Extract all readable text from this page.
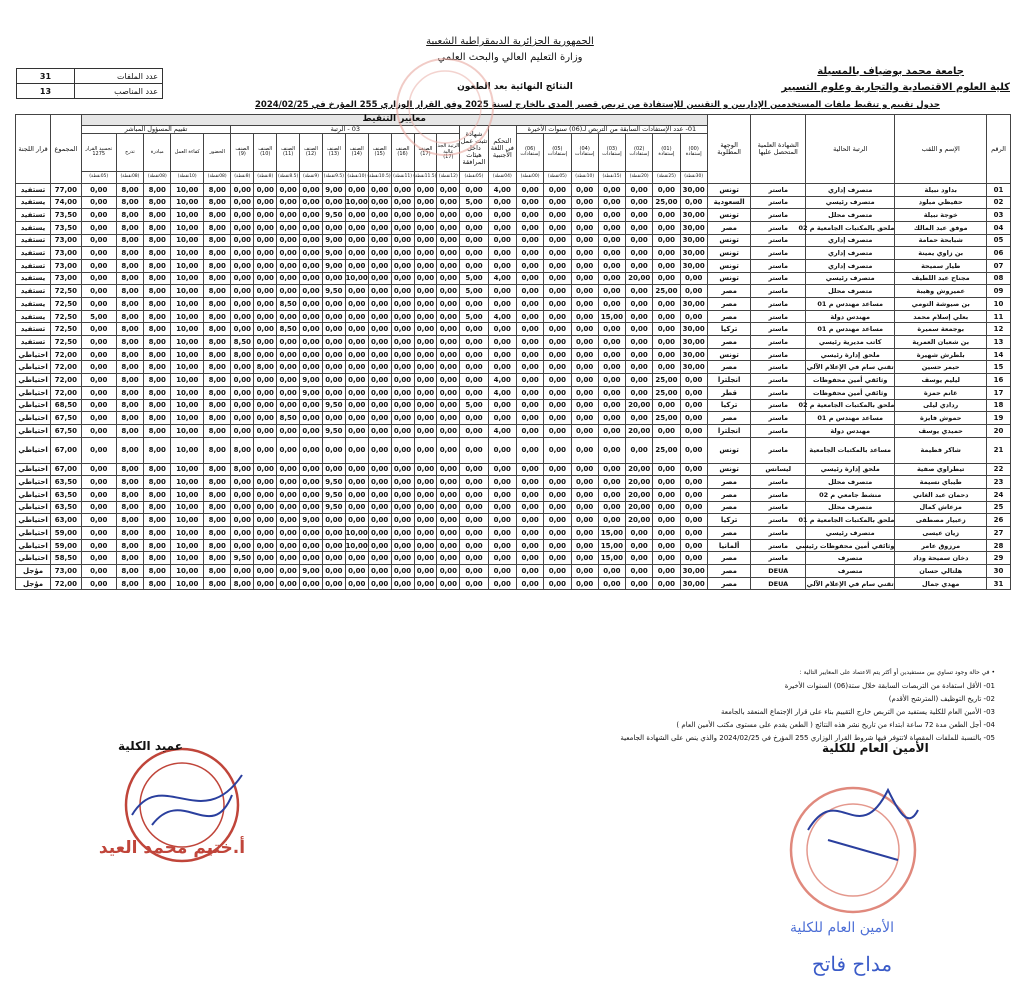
الجمهورية الجزائرية الديمقراطية الشعبية
وزارة التعليم العالي والبحث العلمي
جامعة محمد بوضياف بالمسيلة
كلية العلوم الاقتصادية والتجارية وعلوم التسيير
النتائج النهائية بعد الطعون
جدول تقييم و تنقيط ملفات المستخدمين الإداريين و التقنيين للإستفادة من تربص قصير المدى بالخارج لسنة 2025 وفق القرار الوزاري 255 المؤرخ في 2024/02/25
31	عدد الملفات
13	عدد المناصب
الرقم	الإسم و اللقب	الرتبة الحالية	الشهادة العلمية المتحصل عليها	الوجهة المطلوبة	معايير التنقيط																								المجموع	قرار اللجنة
					01- عدد الإستفادات السابقة من التربص لـ(06) سنوات الأخيرة							التحكم في اللغة الأجنبية	شهادة تثبت عمل داخل هيئات المرافقة	03 - الرتبة										تقييم المسؤول المباشر						
					(00) إستفادة	(01) إستفادة	(02) إستفادات	(03) إستفادات	(04) إستفادات	(05) إستفادات	(06) إستفادات			الرتبة الجد عالية (17)	الصنف (17)	الصنف (16)	الصنف (15)	الصنف (14)	الصنف (13)	الصنف (12)	الصنف (11)	الصنف (10)	الصنف (9)	الحضور	كفاءة العمل	مبادرة	تدرج	تجسيد القرار 1275		
					(30نقطة)	(25نقطة)	(20نقطة)	(15نقطة)	(10نقطة)	(05نقطة)	(00نقطة)	(04نقطة)	(05نقطة)	(12نقطة)	(11.5نقطة)	(11نقطة)	(10.5نقطة)	(10نقطة)	(9.5نقطة)	(9نقطة)	(8.5نقطة)	(8نقطة)	(8نقطة)	(08نقطة)	(10نقطة)	(08نقطة)	(08نقطة)	(05نقطة)		
01	بداود نبيلة	متصرف إداري	ماستر	تونس	30,00	0,00	0,00	0,00	0,00	0,00	0,00	4,00	0,00	0,00	0,00	0,00	0,00	0,00	9,00	0,00	0,00	0,00	0,00	8,00	10,00	8,00	8,00	0,00	77,00	تستفيد
02	حفيظي مبلود	متصرف رئيسي	ماستر	السعودية	0,00	25,00	0,00	0,00	0,00	0,00	0,00	0,00	5,00	0,00	0,00	0,00	0,00	10,00	0,00	0,00	0,00	0,00	0,00	8,00	10,00	8,00	8,00	0,00	74,00	يستفيد
03	خوجة نبيلة	متصرف محلل	ماستر	تونس	30,00	0,00	0,00	0,00	0,00	0,00	0,00	0,00	0,00	0,00	0,00	0,00	0,00	0,00	9,50	0,00	0,00	0,00	0,00	8,00	10,00	8,00	8,00	0,00	73,50	تستفيد
04	موفق عبد المالك	ملحق بالمكتبات الجامعية م 02	ماستر	مصر	30,00	0,00	0,00	0,00	0,00	0,00	0,00	0,00	0,00	0,00	0,00	0,00	0,00	0,00	0,00	0,00	0,00	0,00	0,00	8,00	10,00	8,00	8,00	0,00	73,50	يستفيد
05	شبابحة حمامة	متصرف إداري	ماستر	تونس	30,00	0,00	0,00	0,00	0,00	0,00	0,00	0,00	0,00	0,00	0,00	0,00	0,00	0,00	9,00	0,00	0,00	0,00	0,00	8,00	10,00	8,00	8,00	0,00	73,00	تستفيد
06	بن زاوي يمينة	متصرف إداري	ماستر	تونس	30,00	0,00	0,00	0,00	0,00	0,00	0,00	0,00	0,00	0,00	0,00	0,00	0,00	0,00	9,00	0,00	0,00	0,00	0,00	8,00	10,00	8,00	8,00	0,00	73,00	تستفيد
07	طيار سميحة	متصرف إداري	ماستر	تونس	30,00	0,00	0,00	0,00	0,00	0,00	0,00	0,00	0,00	0,00	0,00	0,00	0,00	0,00	9,00	0,00	0,00	0,00	0,00	8,00	10,00	8,00	8,00	0,00	73,00	تستفيد
08	مجناح عبد اللطيف	متصرف رئيسي	ماستر	تونس	0,00	0,00	20,00	0,00	0,00	0,00	0,00	4,00	5,00	0,00	0,00	0,00	0,00	10,00	0,00	0,00	0,00	0,00	0,00	8,00	10,00	8,00	8,00	0,00	73,00	يستفيد
09	عميروش وهيبة	متصرف محلل	ماستر	مصر	0,00	25,00	0,00	0,00	0,00	0,00	0,00	0,00	5,00	0,00	0,00	0,00	0,00	0,00	9,50	0,00	0,00	0,00	0,00	8,00	10,00	8,00	8,00	0,00	72,50	تستفيد
10	بن صيوشة التومي	مساعد مهندس م 01	ماستر	مصر	30,00	0,00	0,00	0,00	0,00	0,00	0,00	0,00	0,00	0,00	0,00	0,00	0,00	0,00	0,00	0,00	8,50	0,00	0,00	8,00	10,00	8,00	8,00	0,00	72,50	يستفيد
11	بعلي إسلام محمد	مهندس دولة	ماستر	مصر	0,00	0,00	0,00	15,00	0,00	0,00	0,00	4,00	5,00	0,00	0,00	0,00	0,00	0,00	0,00	0,00	0,00	0,00	0,00	8,00	10,00	8,00	8,00	5,00	72,50	يستفيد
12	بوجمعة سميرة	مساعد مهندس م 01	ماستر	تركيا	30,00	0,00	0,00	0,00	0,00	0,00	0,00	0,00	0,00	0,00	0,00	0,00	0,00	0,00	0,00	0,00	8,50	0,00	0,00	8,00	10,00	8,00	8,00	0,00	72,50	تستفيد
13	بن شعبان العمرية	كاتب مديرية رئيسي	ماستر	مصر	30,00	0,00	0,00	0,00	0,00	0,00	0,00	0,00	0,00	0,00	0,00	0,00	0,00	0,00	0,00	0,00	0,00	0,00	8,50	8,00	10,00	8,00	8,00	0,00	72,50	تستفيد
14	بلطرش شهيرة	ملحق إدارة رئيسي	ماستر	تونس	30,00	0,00	0,00	0,00	0,00	0,00	0,00	0,00	0,00	0,00	0,00	0,00	0,00	0,00	0,00	0,00	0,00	0,00	8,00	8,00	10,00	8,00	8,00	0,00	72,00	احتياطي
15	حيمر حسين	تقني سام في الإعلام الآلي	ماستر	مصر	30,00	0,00	0,00	0,00	0,00	0,00	0,00	0,00	0,00	0,00	0,00	0,00	0,00	0,00	0,00	0,00	0,00	8,00	0,00	8,00	10,00	8,00	8,00	0,00	72,00	احتياطي
16	ليليم يوسف	وثائقي أمين محفوظات	ماستر	انجلترا	0,00	25,00	0,00	0,00	0,00	0,00	0,00	4,00	0,00	0,00	0,00	0,00	0,00	0,00	0,00	9,00	0,00	0,00	0,00	8,00	10,00	8,00	8,00	0,00	72,00	احتياطي
17	غانم حمزة	وثائقي أمين محفوظات	ماستر	قطر	0,00	25,00	0,00	0,00	0,00	0,00	0,00	4,00	0,00	0,00	0,00	0,00	0,00	0,00	0,00	9,00	0,00	0,00	0,00	8,00	10,00	8,00	8,00	0,00	72,00	احتياطي
18	ردادي ليلى	ملحق بالمكتبات الجامعية م 02	ماستر	تركيا	0,00	0,00	20,00	0,00	0,00	0,00	0,00	0,00	5,00	0,00	0,00	0,00	0,00	0,00	9,50	0,00	0,00	0,00	0,00	8,00	10,00	8,00	8,00	0,00	68,50	احتياطي
19	حموش فايزة	مساعد مهندس م 01	ماستر	مصر	0,00	25,00	0,00	0,00	0,00	0,00	0,00	0,00	0,00	0,00	0,00	0,00	0,00	0,00	0,00	0,00	8,50	0,00	0,00	8,00	10,00	8,00	8,00	0,00	67,50	احتياطي
20	حميدي يوسف	مهندس دولة	ماستر	انجلترا	0,00	0,00	20,00	0,00	0,00	0,00	0,00	4,00	0,00	0,00	0,00	0,00	0,00	0,00	9,50	0,00	0,00	0,00	0,00	8,00	10,00	8,00	8,00	0,00	67,50	احتياطي
21	شاكر فطيمة	مساعد بالمكتبات الجامعية	ماستر	تونس	0,00	25,00	0,00	0,00	0,00	0,00	0,00	0,00	0,00	0,00	0,00	0,00	0,00	0,00	0,00	0,00	0,00	0,00	8,00	8,00	10,00	8,00	8,00	0,00	67,00	احتياطي
22	تيطراوي صفية	ملحق إدارة رئيسي	ليسانس	تونس	0,00	0,00	20,00	0,00	0,00	0,00	0,00	0,00	0,00	0,00	0,00	0,00	0,00	0,00	0,00	0,00	0,00	0,00	8,00	8,00	10,00	8,00	8,00	0,00	67,00	احتياطي
23	طيباي نسيمة	متصرف محلل	ماستر	مصر	0,00	0,00	20,00	0,00	0,00	0,00	0,00	0,00	0,00	0,00	0,00	0,00	0,00	0,00	9,50	0,00	0,00	0,00	0,00	8,00	10,00	8,00	8,00	0,00	63,50	احتياطي
24	دحمان عبد الغاني	منشط جامعي م 02	ماستر	مصر	0,00	0,00	20,00	0,00	0,00	0,00	0,00	0,00	0,00	0,00	0,00	0,00	0,00	0,00	9,50	0,00	0,00	0,00	0,00	8,00	10,00	8,00	8,00	0,00	63,50	احتياطي
25	مزعاش كمال	متصرف محلل	ماستر	مصر	0,00	0,00	20,00	0,00	0,00	0,00	0,00	0,00	0,00	0,00	0,00	0,00	0,00	0,00	9,50	0,00	0,00	0,00	0,00	8,00	10,00	8,00	8,00	0,00	63,50	احتياطي
26	زعبيار مصطفى	ملحق بالمكتبات الجامعية م 01	ماستر	تركيا	0,00	0,00	20,00	0,00	0,00	0,00	0,00	0,00	0,00	0,00	0,00	0,00	0,00	0,00	0,00	9,00	0,00	0,00	0,00	8,00	10,00	8,00	8,00	0,00	63,00	احتياطي
27	زيان عيسى	متصرف رئيسي	ماستر	مصر	0,00	0,00	0,00	15,00	0,00	0,00	0,00	0,00	0,00	0,00	0,00	0,00	0,00	10,00	0,00	0,00	0,00	0,00	0,00	8,00	10,00	8,00	8,00	0,00	59,00	احتياطي
28	مرزوق عامر	وثائقي أمين محفوظات رئيسي	ماستر	ألمانيا	0,00	0,00	0,00	15,00	0,00	0,00	0,00	0,00	0,00	0,00	0,00	0,00	0,00	10,00	0,00	0,00	0,00	0,00	0,00	8,00	10,00	8,00	8,00	0,00	59,00	احتياطي
29	دخان سميحة وداد	متصرف	ماستر	مصر	0,00	0,00	0,00	15,00	0,00	0,00	0,00	0,00	0,00	0,00	0,00	0,00	0,00	0,00	0,00	0,00	0,00	0,00	9,50	8,00	10,00	8,00	8,00	0,00	58,50	احتياطي
30	هلتالي حسان	متصرف	DEUA	مصر	30,00	0,00	0,00	0,00	0,00	0,00	0,00	0,00	0,00	0,00	0,00	0,00	0,00	0,00	0,00	9,00	0,00	0,00	0,00	8,00	10,00	8,00	8,00	0,00	73,00	مؤجل
31	مهدي جمال	تقني سام في الإعلام الآلي	DEUA	مصر	30,00	0,00	0,00	0,00	0,00	0,00	0,00	0,00	0,00	0,00	0,00	0,00	0,00	0,00	0,00	0,00	0,00	0,00	8,00	8,00	10,00	8,00	8,00	0,00	72,00	مؤجل
• في حالة وجود تساوي بين مستفيدين أو أكثر يتم الاعتماد على المعايير التالية :
01- الأقل استفادة من التربصات السابقة خلال ستة(06) السنوات الأخيرة
02- تاريخ التوظيف (المترشح الأقدم)
03- الأمين العام للكلية يستفيد من التربص خارج التقييم بناء على قرار الإجتماع المنعقد بالجامعة
04- أجل الطعن مدة 72 ساعة ابتداء من تاريخ نشر هذه النتائج ( الطعن يقدم على مستوى مكتب الأمين العام )
05- بالنسبة للملفات المقصاة لاتتوفر فيها شروط القرار الوزاري 255 المؤرخ في 2024/02/25 والذي ينص على الشهادة الجامعية
عميد الكلية	الأمين العام للكلية
أ.ختيم محمد العيد
الأمين العام للكلية
مداح فاتح
